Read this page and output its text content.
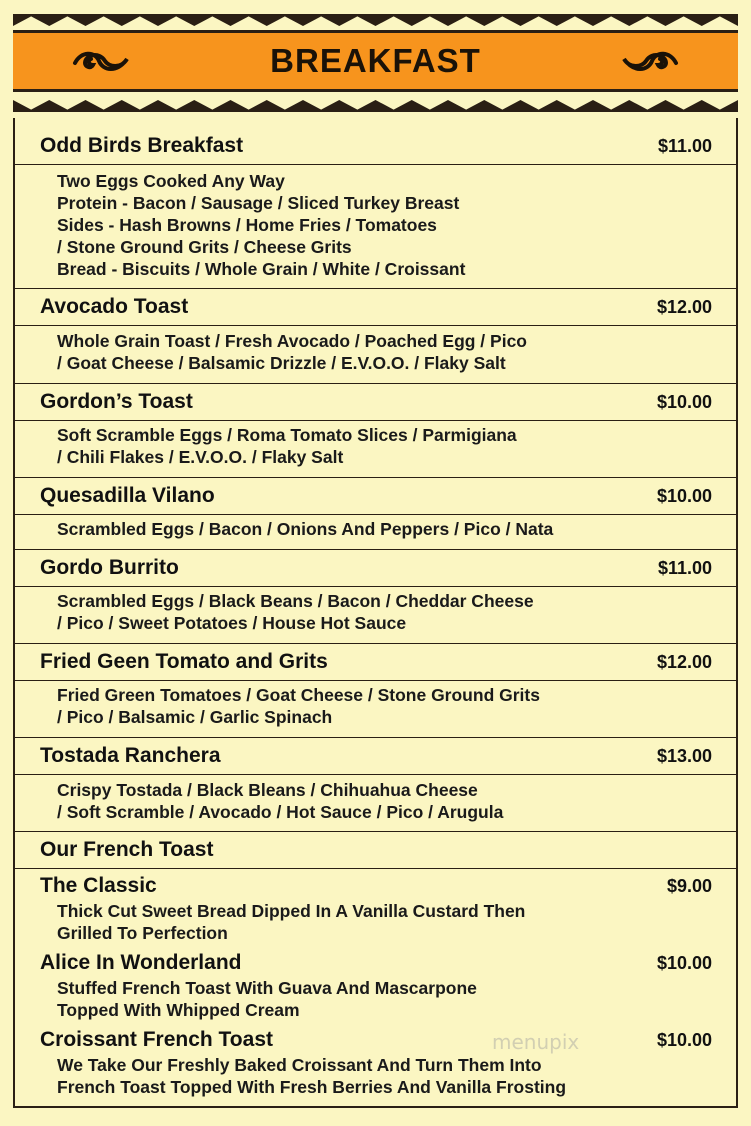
BREAKFAST
Odd Birds Breakfast	$11.00
Two Eggs Cooked Any Way
Protein - Bacon / Sausage / Sliced Turkey Breast
Sides - Hash Browns / Home Fries / Tomatoes
/ Stone Ground Grits / Cheese Grits
Bread - Biscuits / Whole Grain / White / Croissant
Avocado Toast	$12.00
Whole Grain Toast / Fresh Avocado / Poached Egg / Pico
/ Goat Cheese / Balsamic Drizzle / E.V.O.O. / Flaky Salt
Gordon’s Toast	$10.00
Soft Scramble Eggs / Roma Tomato Slices / Parmigiana
/ Chili Flakes / E.V.O.O. / Flaky Salt
Quesadilla Vilano	$10.00
Scrambled Eggs / Bacon / Onions And Peppers / Pico / Nata
Gordo Burrito	$11.00
Scrambled Eggs / Black Beans / Bacon / Cheddar Cheese
/ Pico / Sweet Potatoes / House Hot Sauce
Fried Geen Tomato and Grits	$12.00
Fried Green Tomatoes / Goat Cheese / Stone Ground Grits
/ Pico / Balsamic / Garlic Spinach
Tostada Ranchera	$13.00
Crispy Tostada / Black Bleans / Chihuahua Cheese
/ Soft Scramble / Avocado / Hot Sauce / Pico / Arugula
Our French Toast
The Classic	$9.00
Thick Cut Sweet Bread Dipped In A Vanilla Custard Then
Grilled To Perfection
Alice In Wonderland	$10.00
Stuffed French Toast With Guava And Mascarpone
Topped With Whipped Cream
Croissant French Toast	$10.00
We Take Our Freshly Baked Croissant And Turn Them Into
French Toast Topped With Fresh Berries And Vanilla Frosting
menupix
